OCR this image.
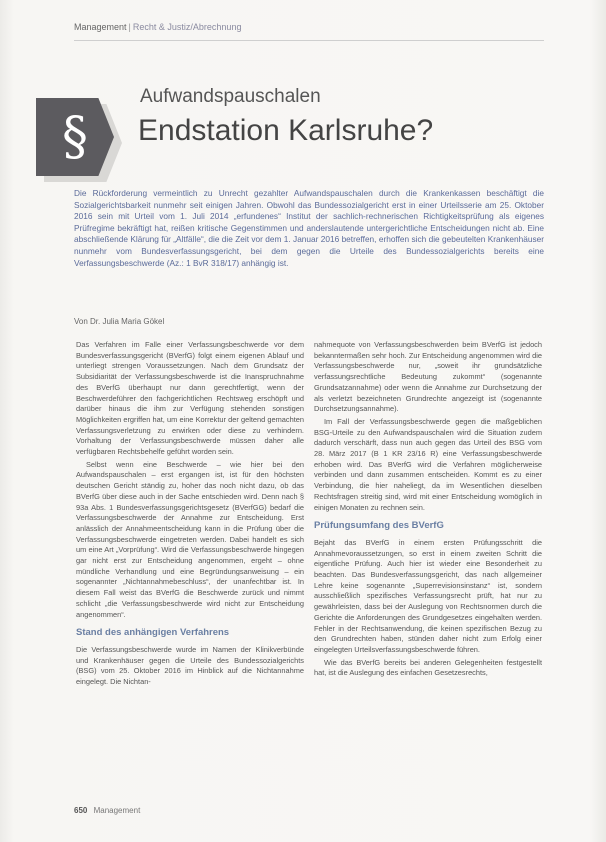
Management | Recht & Justiz/Abrechnung
§
Aufwandspauschalen
Endstation Karlsruhe?
Die Rückforderung vermeintlich zu Unrecht gezahlter Aufwandspauschalen durch die Krankenkassen beschäftigt die Sozialgerichtsbarkeit nunmehr seit einigen Jahren. Obwohl das Bundessozialgericht erst in einer Urteilsserie am 25. Oktober 2016 sein mit Urteil vom 1. Juli 2014 „erfundenes“ Institut der sachlich-rechnerischen Richtigkeitsprüfung als eigenes Prüfregime bekräftigt hat, reißen kritische Gegenstimmen und anderslautende untergerichtliche Entscheidungen nicht ab. Eine abschließende Klärung für „Altfälle“, die die Zeit vor dem 1. Januar 2016 betreffen, erhoffen sich die gebeutelten Krankenhäuser nunmehr vom Bundesverfassungsgericht, bei dem gegen die Urteile des Bundessozialgerichts bereits eine Verfassungsbeschwerde (Az.: 1 BvR 318/17) anhängig ist.
Von Dr. Julia Maria Gökel

Das Verfahren im Falle einer Verfassungsbeschwerde vor dem Bundesverfassungsgericht (BVerfG) folgt einem eigenen Ablauf und unterliegt strengen Voraussetzungen. Nach dem Grundsatz der Subsidiarität der Verfassungsbeschwerde ist die Inanspruchnahme des BVerfG überhaupt nur dann gerechtfertigt, wenn der Beschwerdeführer den fachgerichtlichen Rechtsweg erschöpft und darüber hinaus die ihm zur Verfügung stehenden sonstigen Möglichkeiten ergriffen hat, um eine Korrektur der geltend gemachten Verfassungsverletzung zu erwirken oder diese zu verhindern. Vorhaltung der Verfassungsbeschwerde müssen daher alle verfügbaren Rechtsbehelfe geführt worden sein.

Selbst wenn eine Beschwerde – wie hier bei den Aufwandspauschalen – erst ergangen ist, ist für den höchsten deutschen Gericht ständig zu, hoher das noch nicht dazu, ob das BVerfG über diese auch in der Sache entschieden wird. Denn nach § 93a Abs. 1 Bundesverfassungsgerichtsgesetz (BVerfGG) bedarf die Verfassungsbeschwerde der Annahme zur Entscheidung. Erst anlässlich der Annahmeentscheidung kann in die Prüfung über die Verfassungsbeschwerde eingetreten werden. Dabei handelt es sich um eine Art „Vorprüfung“. Wird die Verfassungsbeschwerde hingegen gar nicht erst zur Entscheidung angenommen, ergeht – ohne mündliche Verhandlung und eine Begründungsanweisung – ein sogenannter „Nichtannahmebeschluss“, der unanfechtbar ist. In diesem Fall weist das BVerfG die Beschwerde zurück und nimmt schlicht „die Verfassungsbeschwerde wird nicht zur Entscheidung angenommen“.

Stand des anhängigen Verfahrens

Die Verfassungsbeschwerde wurde im Namen der Klinikverbünde und Krankenhäuser gegen die Urteile des Bundessozialgerichts (BSG) vom 25. Oktober 2016 im Hinblick auf die Nichtannahme eingelegt. Die Nichtan-

nahmequote von Verfassungsbeschwerden beim BVerfG ist jedoch bekanntermaßen sehr hoch. Zur Entscheidung angenommen wird die Verfassungsbeschwerde nur, „soweit ihr grundsätzliche verfassungsrechtliche Bedeutung zukommt“ (sogenannte Grundsatzannahme) oder wenn die Annahme zur Durchsetzung der als verletzt bezeichneten Grundrechte angezeigt ist (sogenannte Durchsetzungsannahme).

Im Fall der Verfassungsbeschwerde gegen die maßgeblichen BSG-Urteile zu den Aufwandspauschalen wird die Situation zudem dadurch verschärft, dass nun auch gegen das Urteil des BSG vom 28. März 2017 (B 1 KR 23/16 R) eine Verfassungsbeschwerde erhoben wird. Das BVerfG wird die Verfahren möglicherweise verbinden und dann zusammen entscheiden. Kommt es zu einer Verbindung, die hier naheliegt, da im Wesentlichen dieselben Rechtsfragen streitig sind, wird mit einer Entscheidung womöglich in einigen Monaten zu rechnen sein.

Prüfungsumfang des BVerfG

Bejaht das BVerfG in einem ersten Prüfungsschritt die Annahmevoraussetzungen, so erst in einem zweiten Schritt die eigentliche Prüfung. Auch hier ist wieder eine Besonderheit zu beachten. Das Bundesverfassungsgericht, das nach allgemeiner Lehre keine sogenannte „Superrevisionsinstanz“ ist, sondern ausschließlich spezifisches Verfassungsrecht prüft, hat nur zu gewährleisten, dass bei der Auslegung von Rechtsnormen durch die Gerichte die Anforderungen des Grundgesetzes eingehalten werden. Fehler in der Rechtsanwendung, die keinen spezifischen Bezug zu den Grundrechten haben, stünden daher nicht zum Erfolg einer eingelegten Urteilsverfassungsbeschwerde führen.

Wie das BVerfG bereits bei anderen Gelegenheiten festgestellt hat, ist die Auslegung des einfachen Gesetzesrechts,

650 Management
